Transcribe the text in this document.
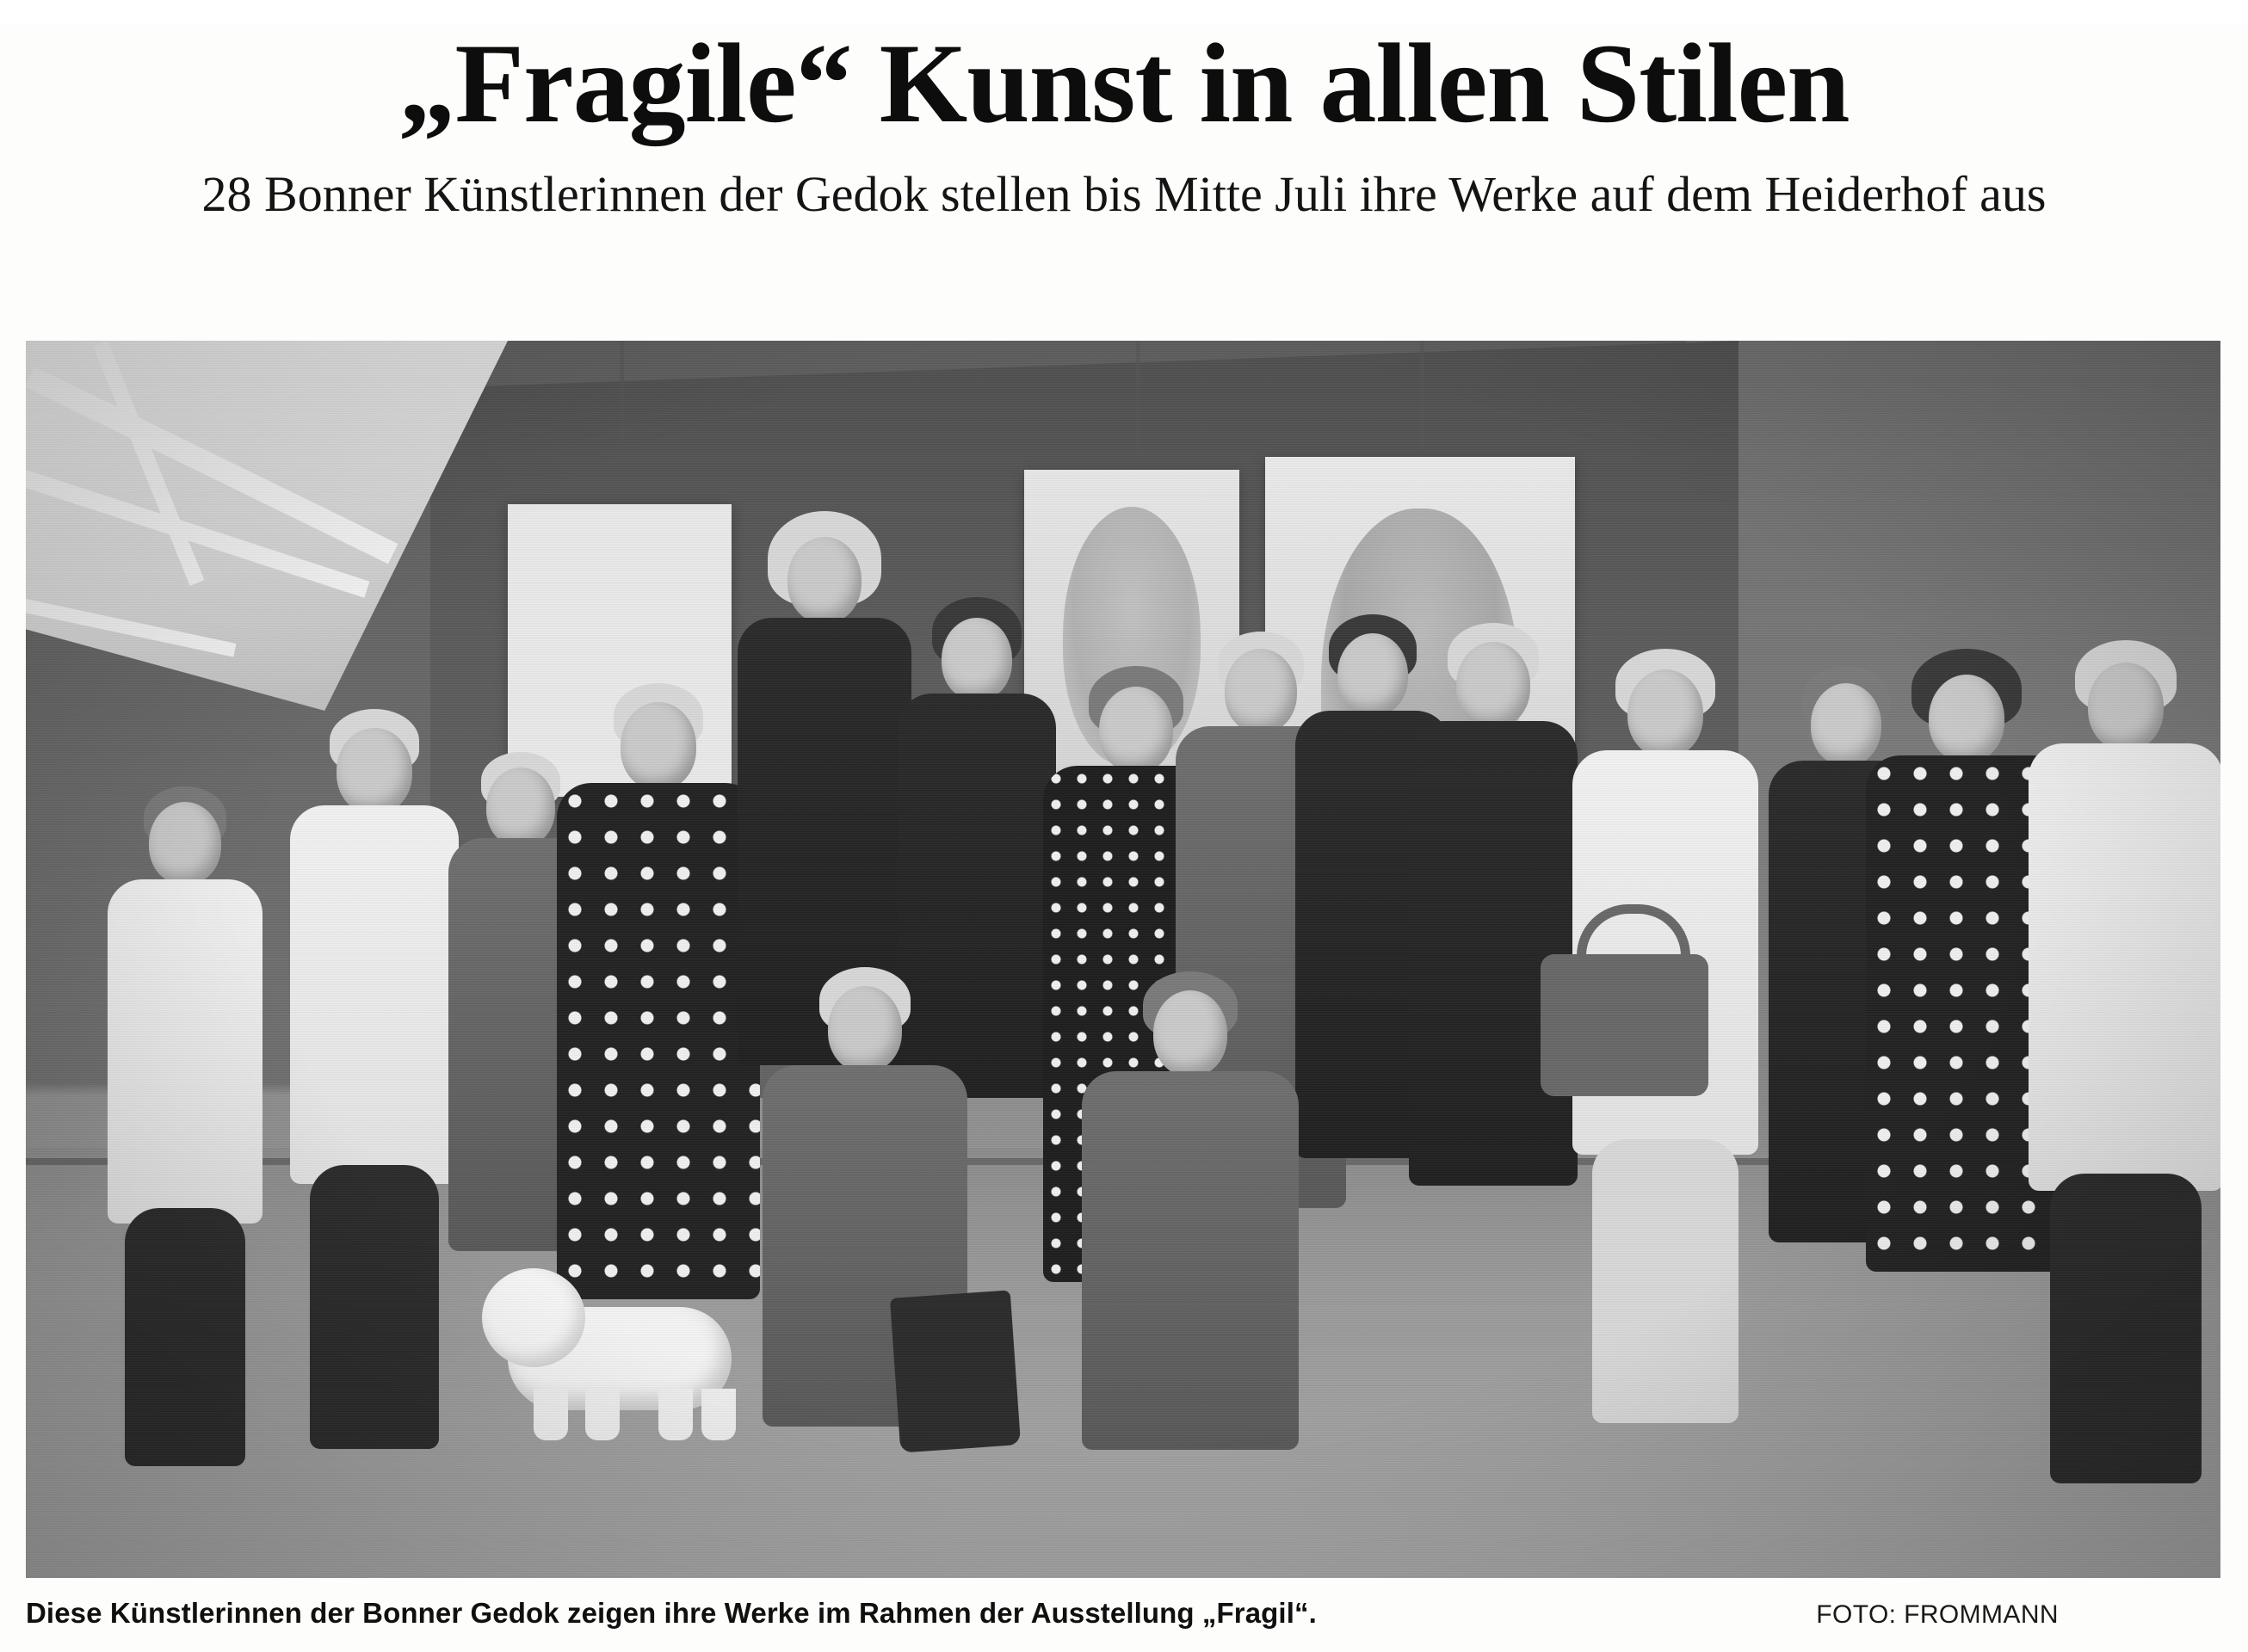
„Fragile“ Kunst in allen Stilen
28 Bonner Künstlerinnen der Gedok stellen bis Mitte Juli ihre Werke auf dem Heiderhof aus
Diese Künstlerinnen der Bonner Gedok zeigen ihre Werke im Rahmen der Ausstellung „Fragil“.	FOTO: FROMMANN
